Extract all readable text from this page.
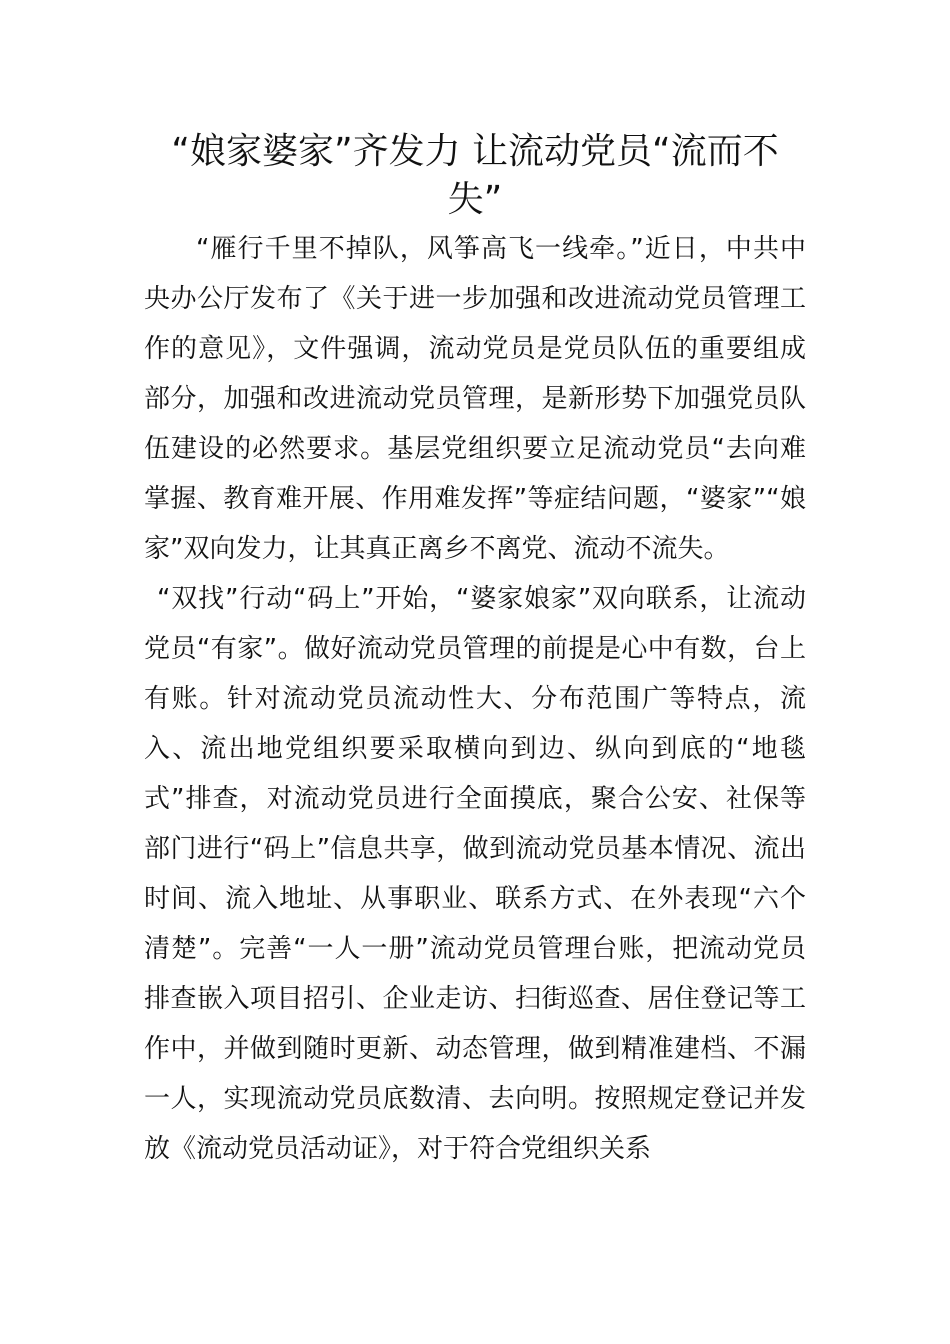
“娘家婆家”齐发力 让流动党员“流而不失”

“雁行千里不掉队，风筝高飞一线牵。”近日，中共中央办公厅发布了《关于进一步加强和改进流动党员管理工作的意见》，文件强调，流动党员是党员队伍的重要组成部分，加强和改进流动党员管理，是新形势下加强党员队伍建设的必然要求。基层党组织要立足流动党员“去向难掌握、教育难开展、作用难发挥”等症结问题，“婆家”“娘家”双向发力，让其真正离乡不离党、流动不流失。

“双找”行动“码上”开始，“婆家娘家”双向联系，让流动党员“有家”。做好流动党员管理的前提是心中有数，台上有账。针对流动党员流动性大、分布范围广等特点，流入、流出地党组织要采取横向到边、纵向到底的“地毯式”排查，对流动党员进行全面摸底，聚合公安、社保等部门进行“码上”信息共享，做到流动党员基本情况、流出时间、流入地址、从事职业、联系方式、在外表现“六个清楚”。完善“一人一册”流动党员管理台账，把流动党员排查嵌入项目招引、企业走访、扫街巡查、居住登记等工作中，并做到随时更新、动态管理，做到精准建档、不漏一人，实现流动党员底数清、去向明。按照规定登记并发放《流动党员活动证》，对于符合党组织关系
